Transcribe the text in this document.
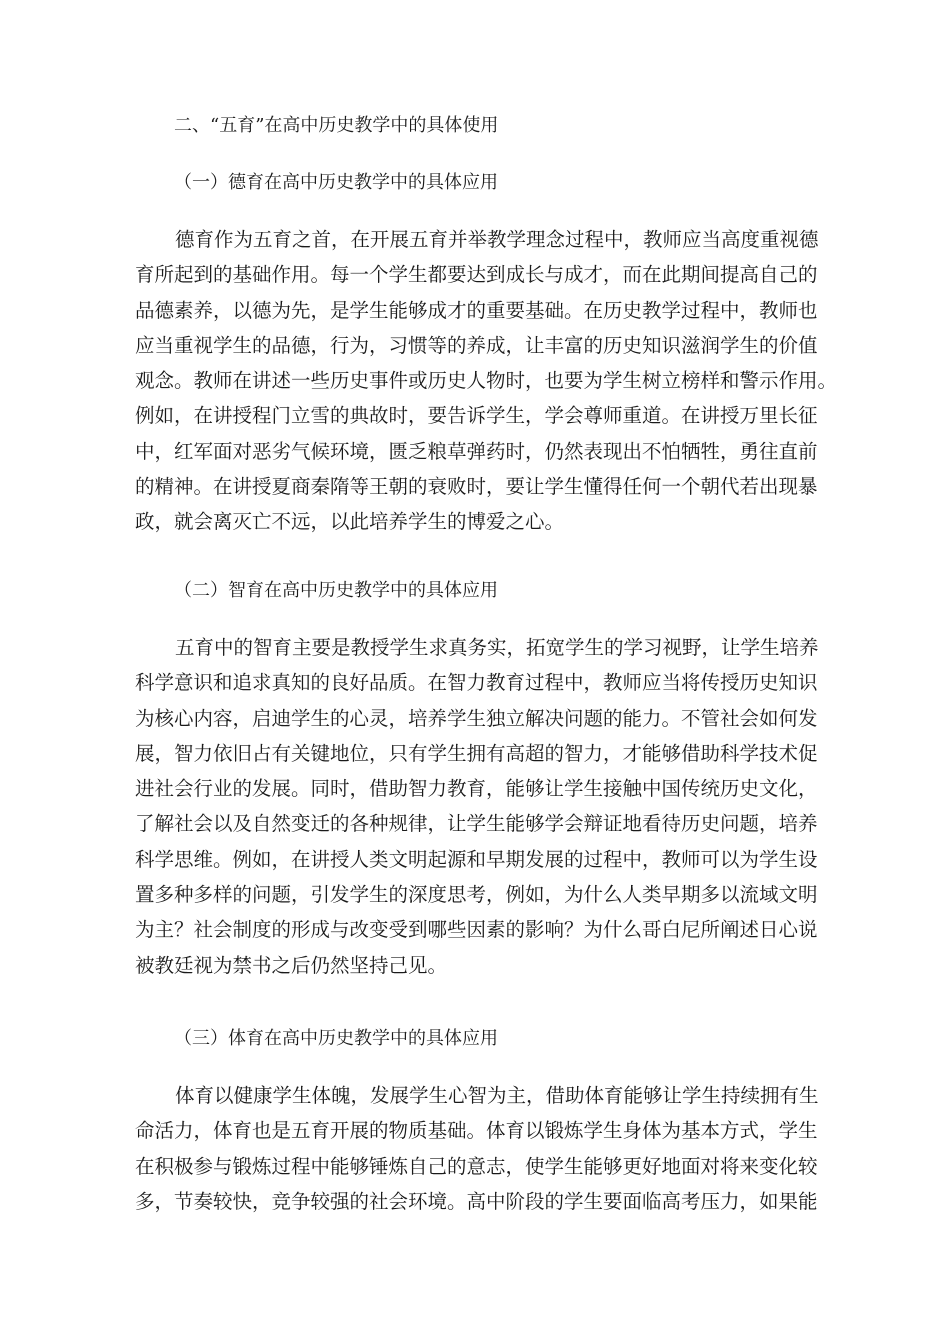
二、“五育”在高中历史教学中的具体使用
（一）德育在高中历史教学中的具体应用
德育作为五育之首，在开展五育并举教学理念过程中，教师应当高度重视德
育所起到的基础作用。每一个学生都要达到成长与成才，而在此期间提高自己的
品德素养，以德为先，是学生能够成才的重要基础。在历史教学过程中，教师也
应当重视学生的品德，行为，习惯等的养成，让丰富的历史知识滋润学生的价值
观念。教师在讲述一些历史事件或历史人物时，也要为学生树立榜样和警示作用。
例如，在讲授程门立雪的典故时，要告诉学生，学会尊师重道。在讲授万里长征
中，红军面对恶劣气候环境，匮乏粮草弹药时，仍然表现出不怕牺牲，勇往直前
的精神。在讲授夏商秦隋等王朝的衰败时，要让学生懂得任何一个朝代若出现暴
政，就会离灭亡不远，以此培养学生的博爱之心。
（二）智育在高中历史教学中的具体应用
五育中的智育主要是教授学生求真务实，拓宽学生的学习视野，让学生培养
科学意识和追求真知的良好品质。在智力教育过程中，教师应当将传授历史知识
为核心内容，启迪学生的心灵，培养学生独立解决问题的能力。不管社会如何发
展，智力依旧占有关键地位，只有学生拥有高超的智力，才能够借助科学技术促
进社会行业的发展。同时，借助智力教育，能够让学生接触中国传统历史文化，
了解社会以及自然变迁的各种规律，让学生能够学会辩证地看待历史问题，培养
科学思维。例如，在讲授人类文明起源和早期发展的过程中，教师可以为学生设
置多种多样的问题，引发学生的深度思考，例如，为什么人类早期多以流域文明
为主？社会制度的形成与改变受到哪些因素的影响？为什么哥白尼所阐述日心说
被教廷视为禁书之后仍然坚持己见。
（三）体育在高中历史教学中的具体应用
体育以健康学生体魄，发展学生心智为主，借助体育能够让学生持续拥有生
命活力，体育也是五育开展的物质基础。体育以锻炼学生身体为基本方式，学生
在积极参与锻炼过程中能够锤炼自己的意志，使学生能够更好地面对将来变化较
多，节奏较快，竞争较强的社会环境。高中阶段的学生要面临高考压力，如果能
